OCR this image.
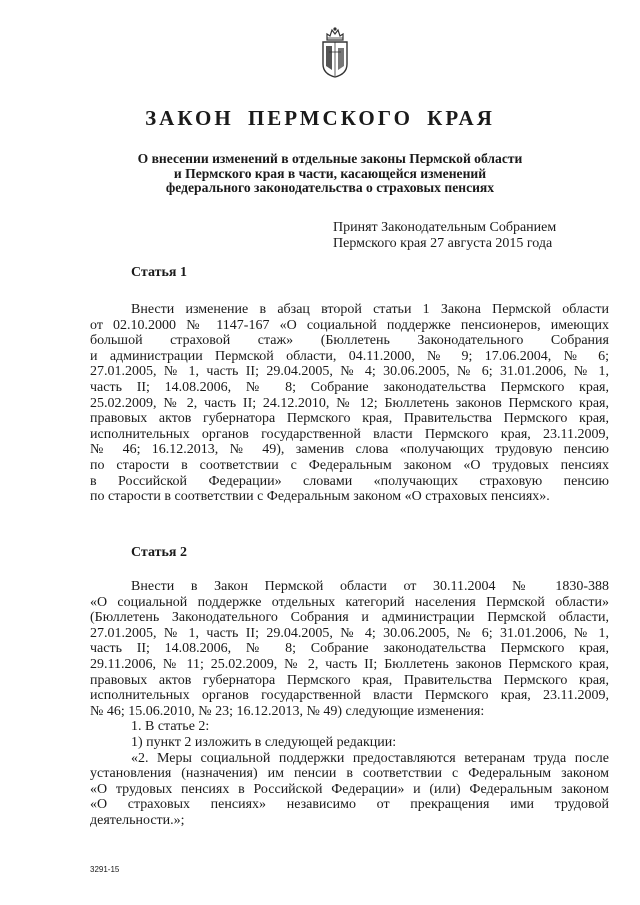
ЗАКОН ПЕРМСКОГО КРАЯ
О внесении изменений в отдельные законы Пермской области
и Пермского края в части, касающейся изменений
федерального законодательства о страховых пенсиях
Принят Законодательным Собранием
Пермского края 27 августа 2015 года
Статья 1
Внести изменение в абзац второй статьи 1 Закона Пермской области
от 02.10.2000 № 1147-167 «О социальной поддержке пенсионеров, имеющих
большой страховой стаж» (Бюллетень Законодательного Собрания
и администрации Пермской области, 04.11.2000, № 9; 17.06.2004, № 6;
27.01.2005, № 1, часть II; 29.04.2005, № 4; 30.06.2005, № 6; 31.01.2006, № 1,
часть II; 14.08.2006, № 8; Собрание законодательства Пермского края,
25.02.2009, № 2, часть II; 24.12.2010, № 12; Бюллетень законов Пермского края,
правовых актов губернатора Пермского края, Правительства Пермского края,
исполнительных органов государственной власти Пермского края, 23.11.2009,
№ 46; 16.12.2013, № 49), заменив слова «получающих трудовую пенсию
по старости в соответствии с Федеральным законом «О трудовых пенсиях
в Российской Федерации» словами «получающих страховую пенсию
по старости в соответствии с Федеральным законом «О страховых пенсиях».
Статья 2
Внести в Закон Пермской области от 30.11.2004 № 1830-388
«О социальной поддержке отдельных категорий населения Пермской области»
(Бюллетень Законодательного Собрания и администрации Пермской области,
27.01.2005, № 1, часть II; 29.04.2005, № 4; 30.06.2005, № 6; 31.01.2006, № 1,
часть II; 14.08.2006, № 8; Собрание законодательства Пермского края,
29.11.2006, № 11; 25.02.2009, № 2, часть II; Бюллетень законов Пермского края,
правовых актов губернатора Пермского края, Правительства Пермского края,
исполнительных органов государственной власти Пермского края, 23.11.2009,
№ 46; 15.06.2010, № 23; 16.12.2013, № 49) следующие изменения:
1. В статье 2:
1) пункт 2 изложить в следующей редакции:
«2. Меры социальной поддержки предоставляются ветеранам труда после
установления (назначения) им пенсии в соответствии с Федеральным законом
«О трудовых пенсиях в Российской Федерации» и (или) Федеральным законом
«О страховых пенсиях» независимо от прекращения ими трудовой
деятельности.»;
3291-15
